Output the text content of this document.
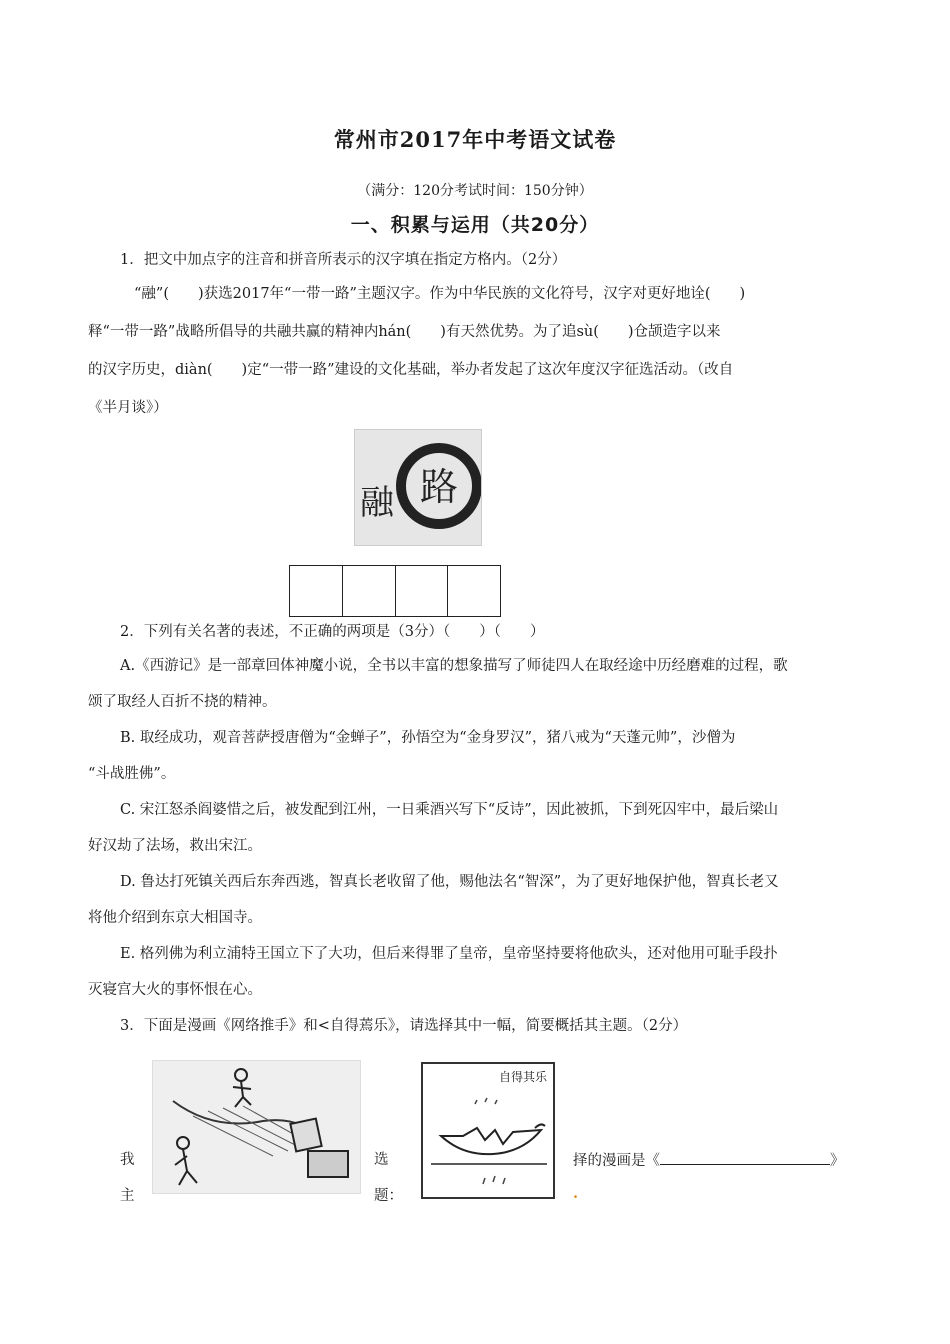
常州市2017年中考语文试卷
（满分：120分考试时间：150分钟）
一、积累与运用（共20分）
1．把文中加点字的注音和拼音所表示的汉字填在指定方格内。（2分）
“融”(　　)获选2017年“一带一路”主题汉字。作为中华民族的文化符号，汉字对更好地诠(　　)
释“一带一路”战略所倡导的共融共赢的精神内hán(　　)有天然优势。为了追sù(　　)仓颉造字以来
的汉字历史，diàn(　　)定“一带一路”建设的文化基础，举办者发起了这次年度汉字征选活动。（改自
《半月谈》）
路
融
2．下列有关名著的表述，不正确的两项是（3分）（　　）（　　）
A.《西游记》是一部章回体神魔小说，全书以丰富的想象描写了师徒四人在取经途中历经磨难的过程，歌
颂了取经人百折不挠的精神。
B. 取经成功，观音菩萨授唐僧为“金蝉子”，孙悟空为“金身罗汉”，猪八戒为“天蓬元帅”，沙僧为
“斗战胜佛”。
C. 宋江怒杀阎婆惜之后，被发配到江州，一日乘酒兴写下“反诗”，因此被抓，下到死囚牢中，最后梁山
好汉劫了法场，救出宋江。
D. 鲁达打死镇关西后东奔西逃，智真长老收留了他，赐他法名“智深”，为了更好地保护他，智真长老又
将他介绍到东京大相国寺。
E. 格列佛为利立浦特王国立下了大功，但后来得罪了皇帝，皇帝坚持要将他砍头，还对他用可耻手段扑
灭寝宫大火的事怀恨在心。
3．下面是漫画《网络推手》和<自得蔫乐》，请选择其中一幅，简要概括其主题。（2分）
自得其乐
我
主
选
题：
择的漫画是《	》
.
